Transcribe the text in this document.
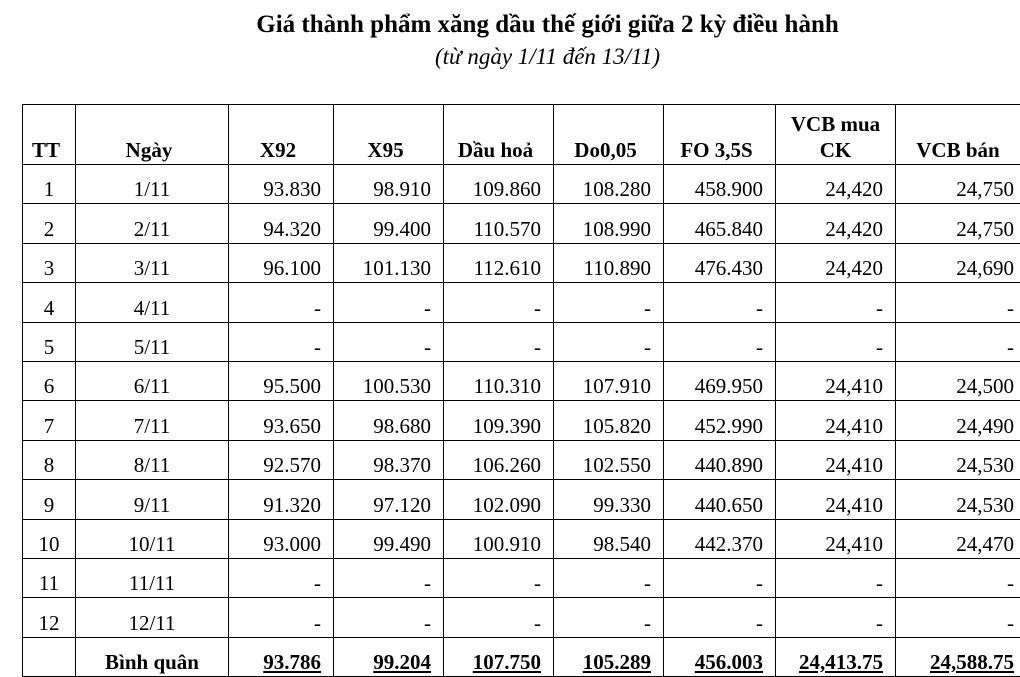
Giá thành phẩm xăng dầu thế giới giữa 2 kỳ điều hành
(từ ngày 1/11 đến 13/11)
TT	Ngày	X92	X95	Dầu hoả	Do0,05	FO 3,5S	VCB mua CK	VCB bán
1	1/11	93.830	98.910	109.860	108.280	458.900	24,420	24,750
2	2/11	94.320	99.400	110.570	108.990	465.840	24,420	24,750
3	3/11	96.100	101.130	112.610	110.890	476.430	24,420	24,690
4	4/11	-	-	-	-	-	-	-
5	5/11	-	-	-	-	-	-	-
6	6/11	95.500	100.530	110.310	107.910	469.950	24,410	24,500
7	7/11	93.650	98.680	109.390	105.820	452.990	24,410	24,490
8	8/11	92.570	98.370	106.260	102.550	440.890	24,410	24,530
9	9/11	91.320	97.120	102.090	99.330	440.650	24,410	24,530
10	10/11	93.000	99.490	100.910	98.540	442.370	24,410	24,470
11	11/11	-	-	-	-	-	-	-
12	12/11	-	-	-	-	-	-	-
	Bình quân	93.786	99.204	107.750	105.289	456.003	24,413.75	24,588.75
